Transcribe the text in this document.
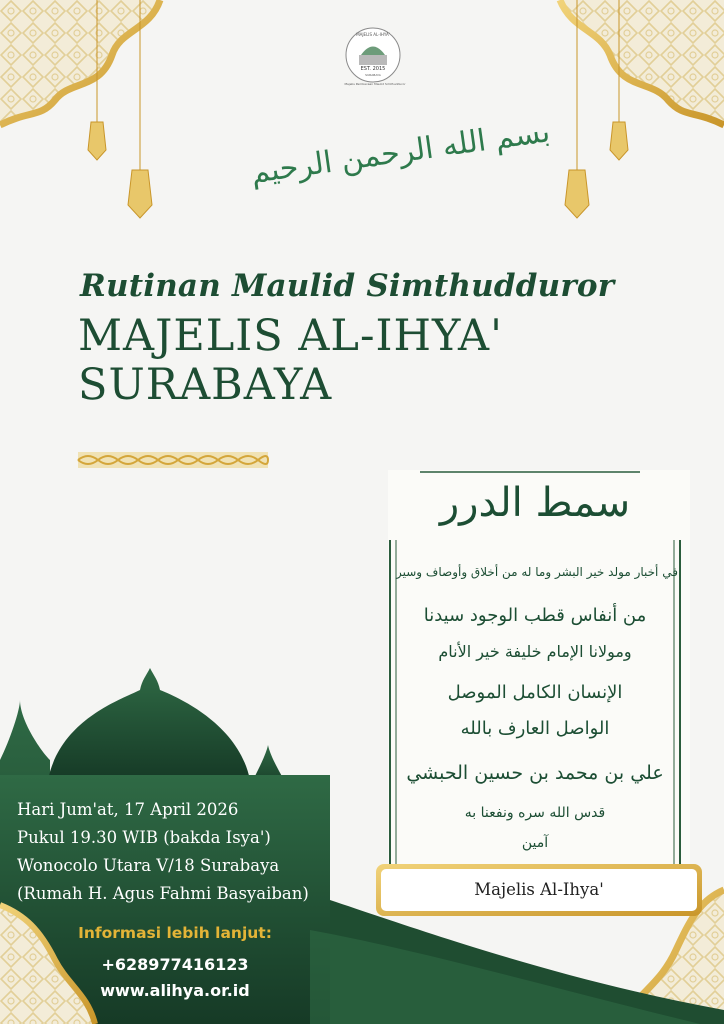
Majelis Pembacaan Maulid Simthudduror
MAJELIS AL-IHYA'
EST. 2015
SURABAYA
بسم الله الرحمن الرحيم
Rutinan Maulid Simthudduror
MAJELIS AL-IHYA'
SURABAYA
سمط الدرر
في أخبار مولد خير البشر وما له من أخلاق وأوصاف وسير
من أنفاس قطب الوجود سيدنا
ومولانا الإمام خليفة خير الأنام
الإنسان الكامل الموصل
الواصل العارف بالله
علي بن محمد بن حسين الحبشي
قدس الله سره ونفعنا به
آمين
Majelis Al-Ihya'
Hari Jum'at, 17 April 2026
Pukul 19.30 WIB (bakda Isya')
Wonocolo Utara V/18 Surabaya
(Rumah H. Agus Fahmi Basyaiban)
Informasi lebih lanjut:
+628977416123
www.alihya.or.id
